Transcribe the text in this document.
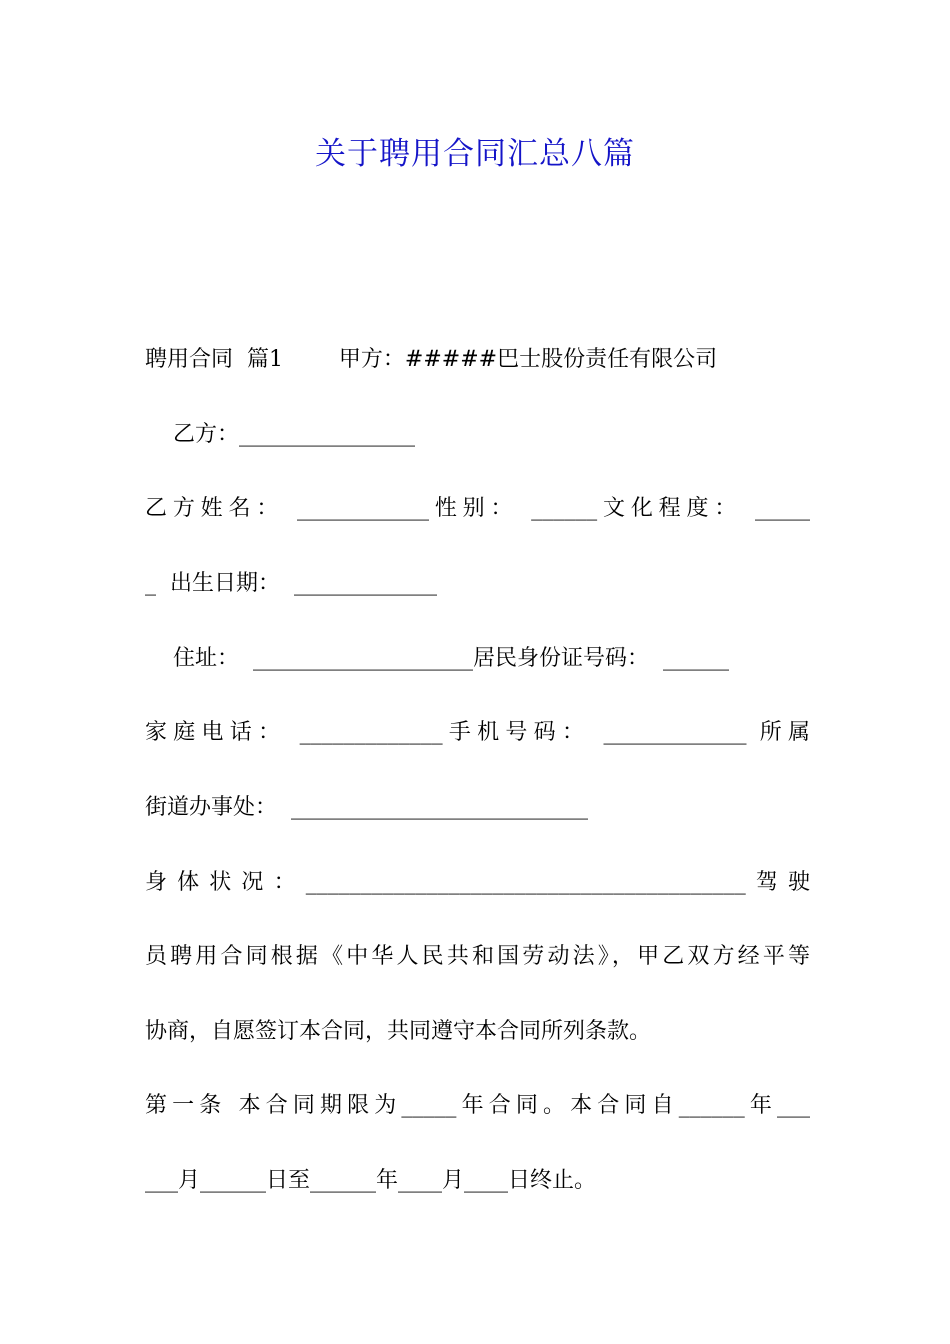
关于聘用合同汇总八篇
聘用合同  篇1        甲方：#####巴士股份责任有限公司
乙方：________________
乙方姓名： ____________性别： ______文化程度： _____
_  出生日期：  _____________
住址：  ____________________居民身份证号码：  ______
家庭电话： _____________手机号码： _____________ 所属
街道办事处：  ___________________________
身体状况：________________________________________驾驶
员聘用合同根据《中华人民共和国劳动法》，甲乙双方经平等
协商，自愿签订本合同，共同遵守本合同所列条款。
第一条 本合同期限为_____年合同。本合同自______年___
___月______日至______年____月____日终止。
